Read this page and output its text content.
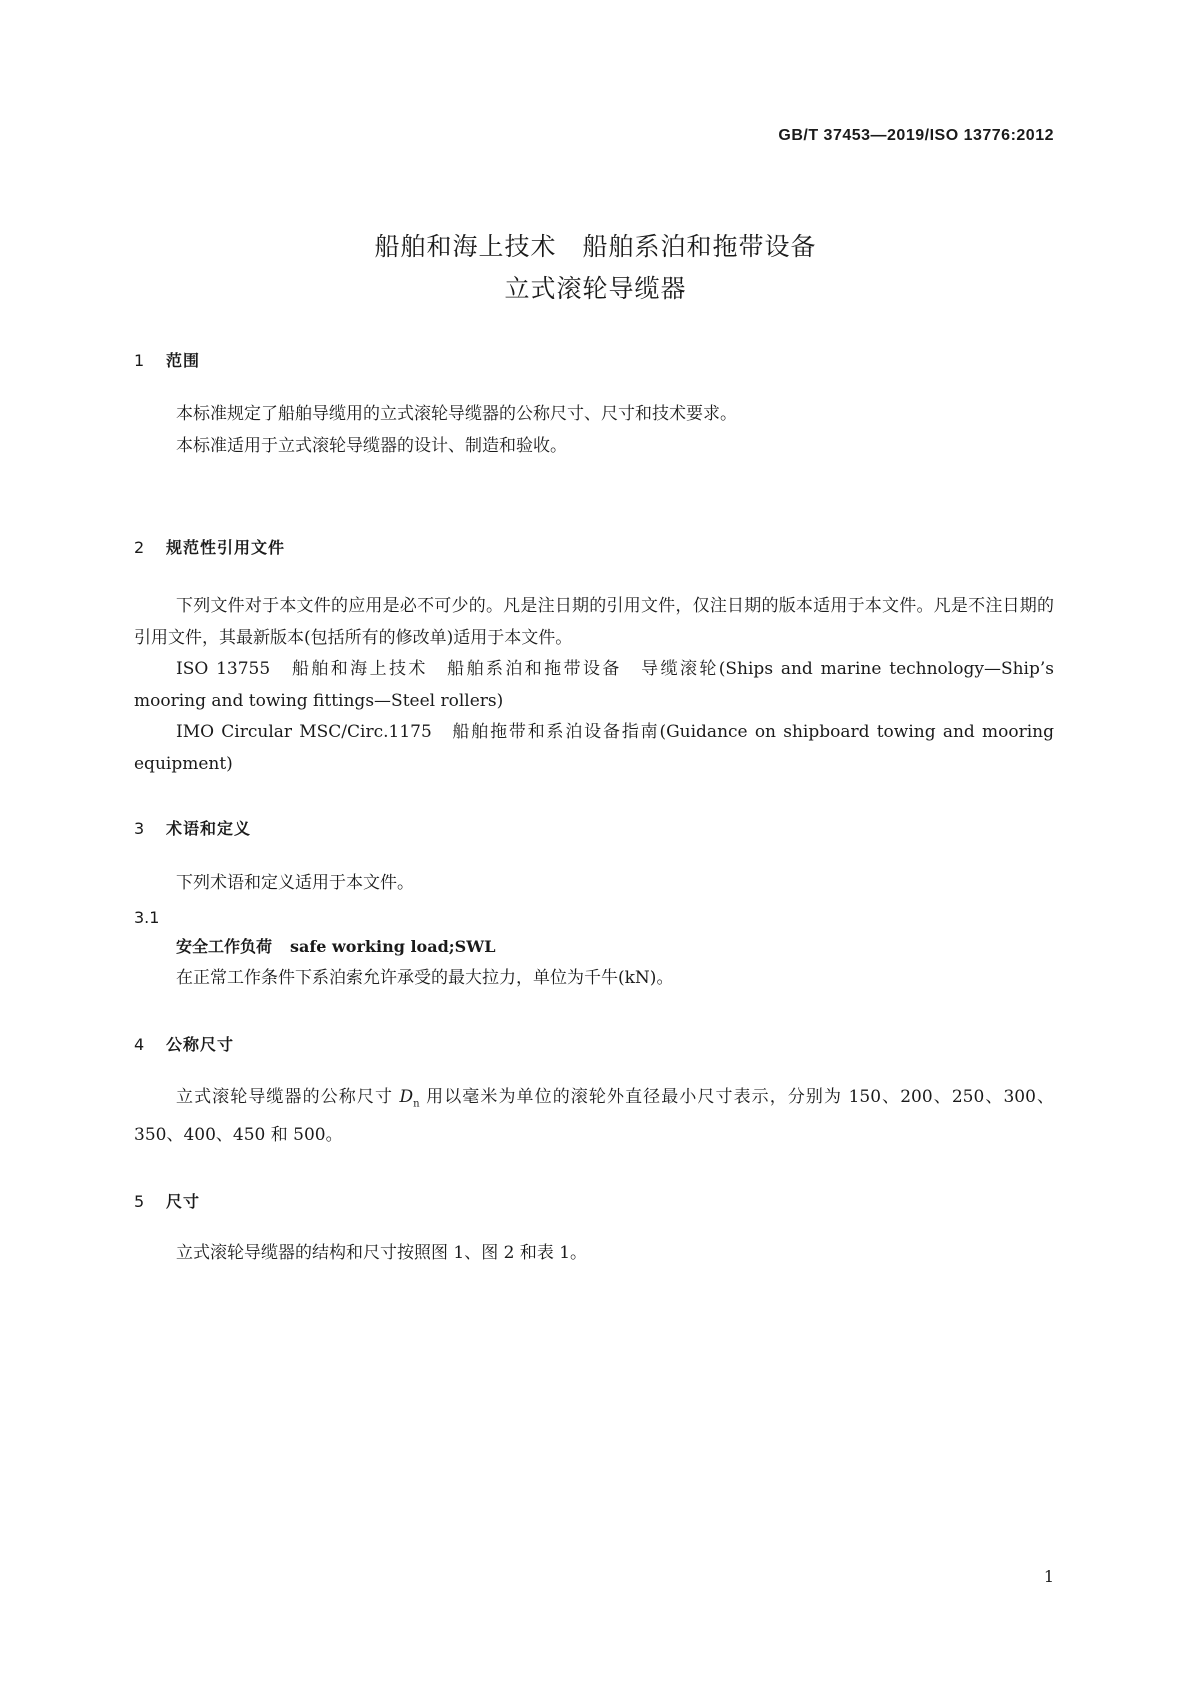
GB/T 37453—2019/ISO 13776:2012
船舶和海上技术　船舶系泊和拖带设备
立式滚轮导缆器
1 范围

本标准规定了船舶导缆用的立式滚轮导缆器的公称尺寸、尺寸和技术要求。

本标准适用于立式滚轮导缆器的设计、制造和验收。

2 规范性引用文件

下列文件对于本文件的应用是必不可少的。凡是注日期的引用文件，仅注日期的版本适用于本文件。凡是不注日期的引用文件，其最新版本(包括所有的修改单)适用于本文件。

ISO 13755　船舶和海上技术　船舶系泊和拖带设备　导缆滚轮(Ships and marine technology—Ship’s mooring and towing fittings—Steel rollers)

IMO Circular MSC/Circ.1175　船舶拖带和系泊设备指南(Guidance on shipboard towing and mooring equipment)

3 术语和定义

下列术语和定义适用于本文件。

3.1
安全工作负荷 safe working load;SWL
在正常工作条件下系泊索允许承受的最大拉力，单位为千牛(kN)。
4 公称尺寸

立式滚轮导缆器的公称尺寸 $D_n$ 用以毫米为单位的滚轮外直径最小尺寸表示，分别为 150、200、250、300、350、400、450 和 500。

5 尺寸

立式滚轮导缆器的结构和尺寸按照图 1、图 2 和表 1。

1
